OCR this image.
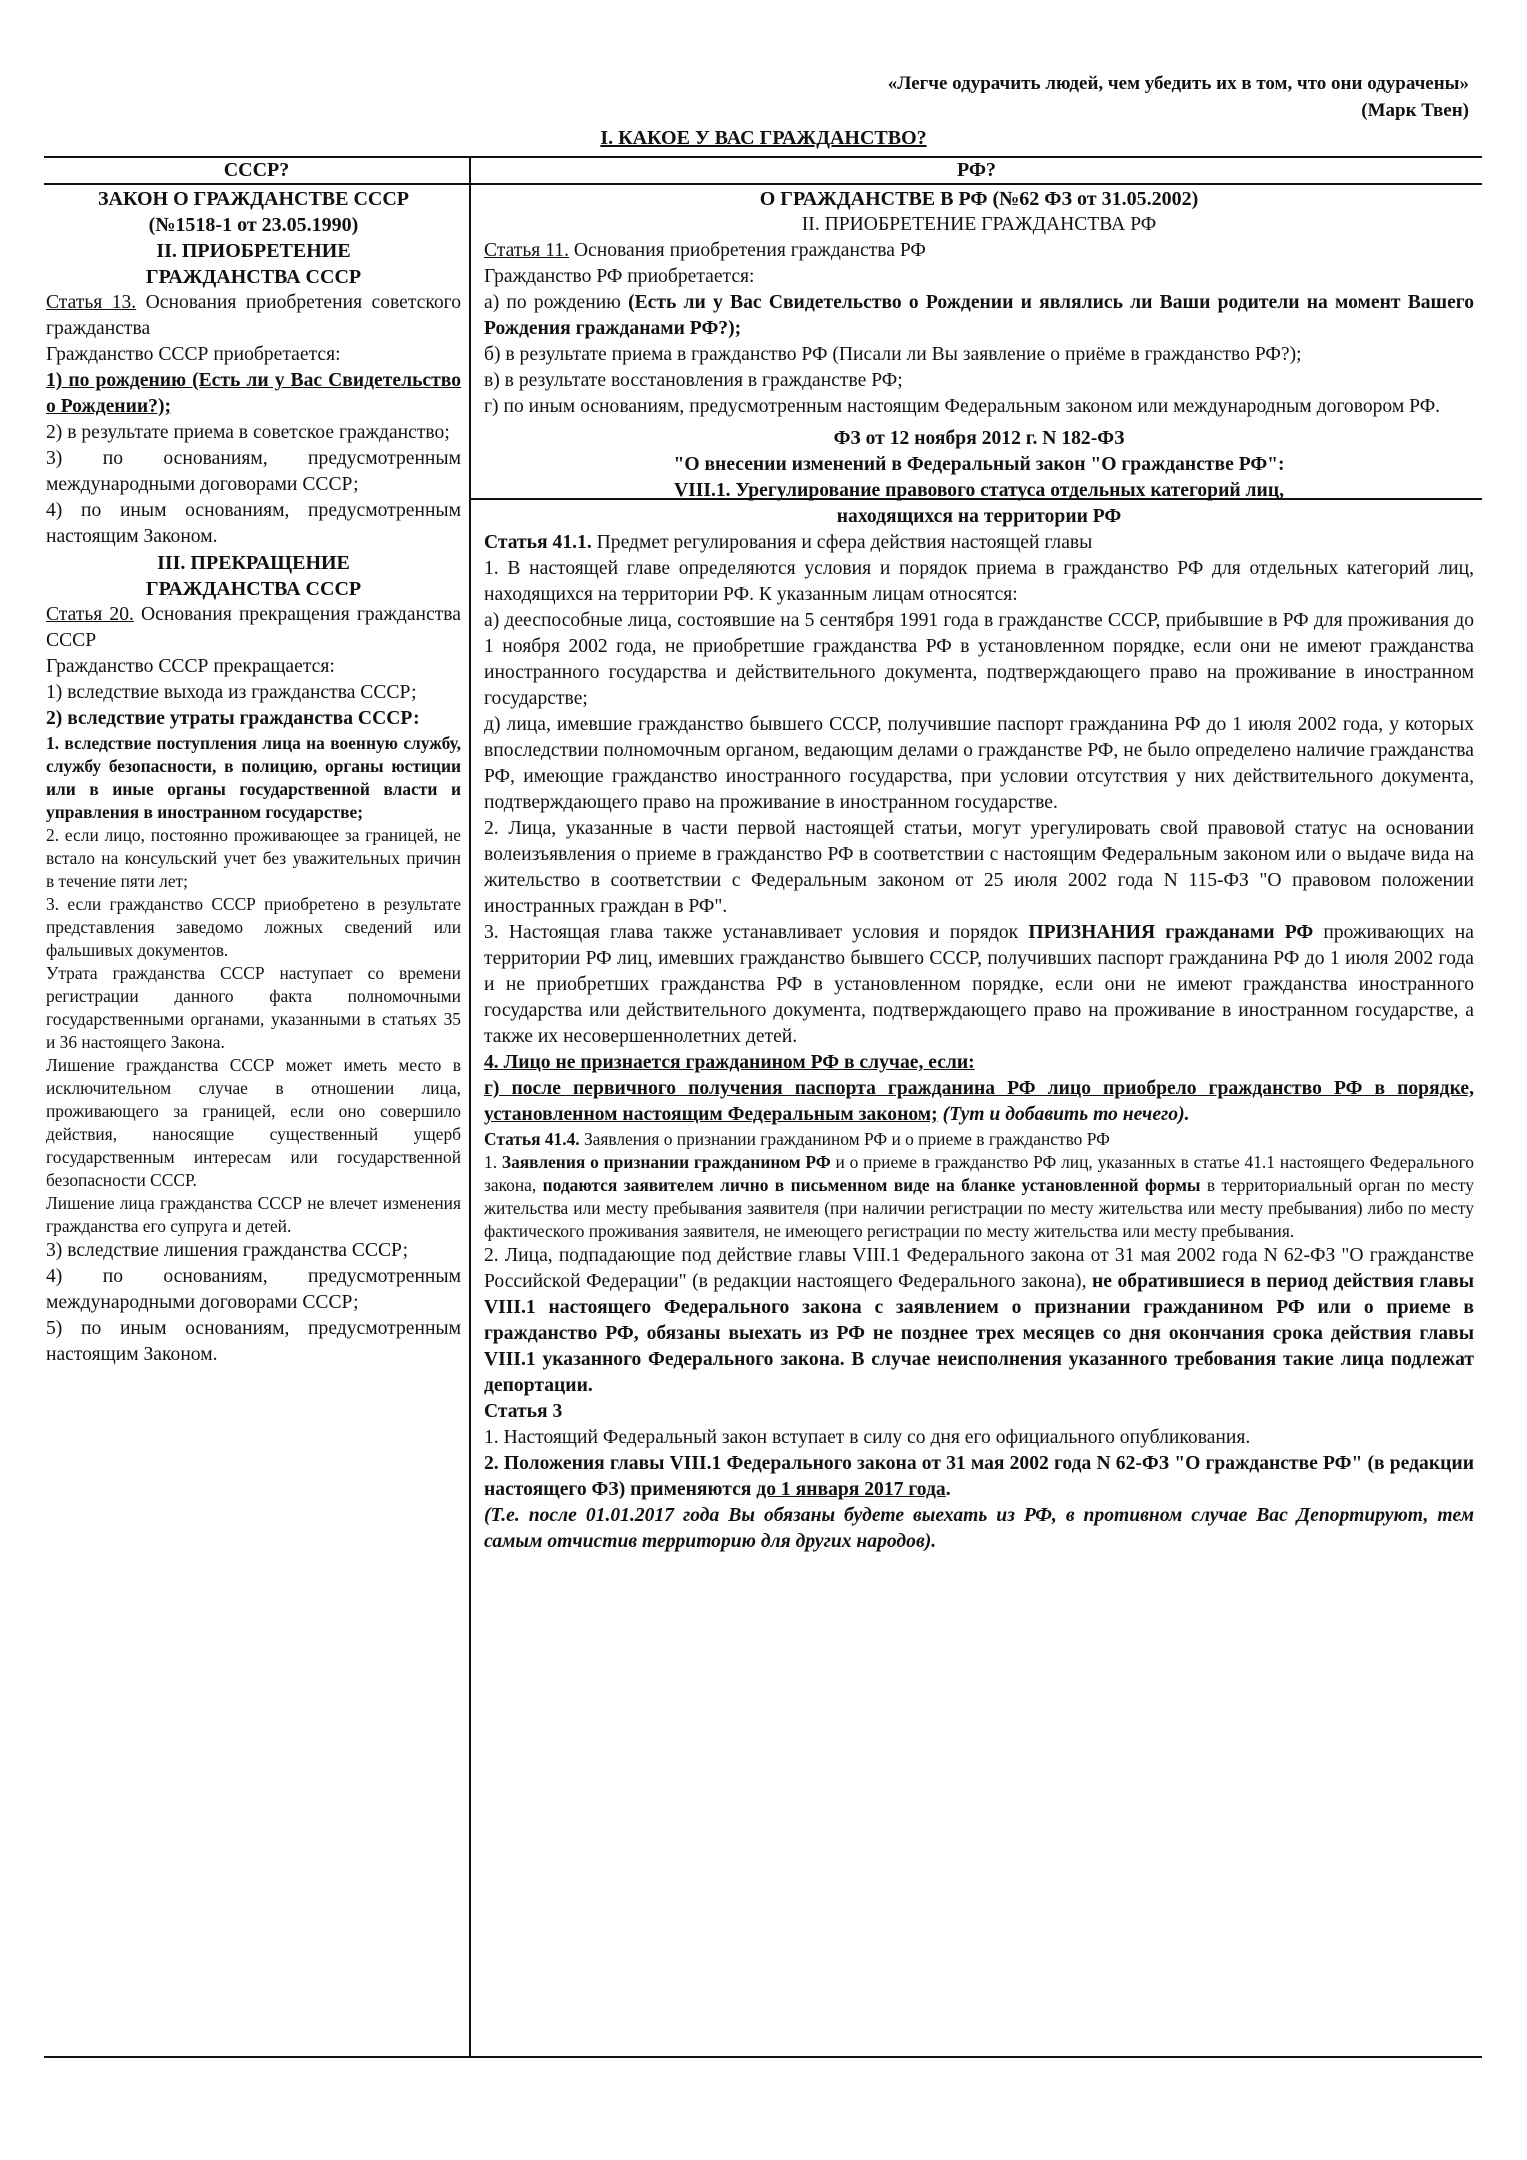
«Легче одурачить людей, чем убедить их в том, что они одурачены»
(Марк Твен)
I. КАКОЕ У ВАС ГРАЖДАНСТВО?
СССР?	РФ?

ЗАКОН О ГРАЖДАНСТВЕ СССР

(№1518-1 от 23.05.1990)

II. ПРИОБРЕТЕНИЕ

ГРАЖДАНСТВА СССР

Статья 13. Основания приобретения советского гражданства

Гражданство СССР приобретается:

1) по рождению (Есть ли у Вас Свидетельство о Рождении?);

2) в результате приема в советское гражданство;

3) по основаниям, предусмотренным международными договорами СССР;

4) по иным основаниям, предусмотренным настоящим Законом.

III. ПРЕКРАЩЕНИЕ

ГРАЖДАНСТВА СССР

Статья 20. Основания прекращения гражданства СССР

Гражданство СССР прекращается:

1) вследствие выхода из гражданства СССР;

2) вследствие утраты гражданства СССР:

1. вследствие поступления лица на военную службу, службу безопасности, в полицию, органы юстиции или в иные органы государственной власти и управления в иностранном государстве;

2. если лицо, постоянно проживающее за границей, не встало на консульский учет без уважительных причин в течение пяти лет;

3. если гражданство СССР приобретено в результате представления заведомо ложных сведений или фальшивых документов.

Утрата гражданства СССР наступает со времени регистрации данного факта полномочными государственными органами, указанными в статьях 35 и 36 настоящего Закона.

Лишение гражданства СССР может иметь место в исключительном случае в отношении лица, проживающего за границей, если оно совершило действия, наносящие существенный ущерб государственным интересам или государственной безопасности СССР.

Лишение лица гражданства СССР не влечет изменения гражданства его супруга и детей.

3) вследствие лишения гражданства СССР;

4) по основаниям, предусмотренным международными договорами СССР;

5) по иным основаниям, предусмотренным настоящим Законом.

О ГРАЖДАНСТВЕ В РФ (№62 ФЗ от 31.05.2002)

II. ПРИОБРЕТЕНИЕ ГРАЖДАНСТВА РФ

Статья 11. Основания приобретения гражданства РФ

Гражданство РФ приобретается:

а) по рождению (Есть ли у Вас Свидетельство о Рождении и являлись ли Ваши родители на момент Вашего Рождения гражданами РФ?);

б) в результате приема в гражданство РФ (Писали ли Вы заявление о приёме в гражданство РФ?);

в) в результате восстановления в гражданстве РФ;

г) по иным основаниям, предусмотренным настоящим Федеральным законом или международным договором РФ.

ФЗ от 12 ноября 2012 г. N 182-ФЗ

"О внесении изменений в Федеральный закон "О гражданстве РФ":

VIII.1. Урегулирование правового статуса отдельных категорий лиц,

находящихся на территории РФ

Статья 41.1. Предмет регулирования и сфера действия настоящей главы

1. В настоящей главе определяются условия и порядок приема в гражданство РФ для отдельных категорий лиц, находящихся на территории РФ. К указанным лицам относятся:

а) дееспособные лица, состоявшие на 5 сентября 1991 года в гражданстве СССР, прибывшие в РФ для проживания до 1 ноября 2002 года, не приобретшие гражданства РФ в установленном порядке, если они не имеют гражданства иностранного государства и действительного документа, подтверждающего право на проживание в иностранном государстве;

д) лица, имевшие гражданство бывшего СССР, получившие паспорт гражданина РФ до 1 июля 2002 года, у которых впоследствии полномочным органом, ведающим делами о гражданстве РФ, не было определено наличие гражданства РФ, имеющие гражданство иностранного государства, при условии отсутствия у них действительного документа, подтверждающего право на проживание в иностранном государстве.

2. Лица, указанные в части первой настоящей статьи, могут урегулировать свой правовой статус на основании волеизъявления о приеме в гражданство РФ в соответствии с настоящим Федеральным законом или о выдаче вида на жительство в соответствии с Федеральным законом от 25 июля 2002 года N 115-ФЗ "О правовом положении иностранных граждан в РФ".

3. Настоящая глава также устанавливает условия и порядок ПРИЗНАНИЯ гражданами РФ проживающих на территории РФ лиц, имевших гражданство бывшего СССР, получивших паспорт гражданина РФ до 1 июля 2002 года и не приобретших гражданства РФ в установленном порядке, если они не имеют гражданства иностранного государства или действительного документа, подтверждающего право на проживание в иностранном государстве, а также их несовершеннолетних детей.

4. Лицо не признается гражданином РФ в случае, если:

г) после первичного получения паспорта гражданина РФ лицо приобрело гражданство РФ в порядке, установленном настоящим Федеральным законом; (Тут и добавить то нечего).

Статья 41.4. Заявления о признании гражданином РФ и о приеме в гражданство РФ

1. Заявления о признании гражданином РФ и о приеме в гражданство РФ лиц, указанных в статье 41.1 настоящего Федерального закона, подаются заявителем лично в письменном виде на бланке установленной формы в территориальный орган по месту жительства или месту пребывания заявителя (при наличии регистрации по месту жительства или месту пребывания) либо по месту фактического проживания заявителя, не имеющего регистрации по месту жительства или месту пребывания.

2. Лица, подпадающие под действие главы VIII.1 Федерального закона от 31 мая 2002 года N 62-ФЗ "О гражданстве Российской Федерации" (в редакции настоящего Федерального закона), не обратившиеся в период действия главы VIII.1 настоящего Федерального закона с заявлением о признании гражданином РФ или о приеме в гражданство РФ, обязаны выехать из РФ не позднее трех месяцев со дня окончания срока действия главы VIII.1 указанного Федерального закона. В случае неисполнения указанного требования такие лица подлежат депортации.

Статья 3

1. Настоящий Федеральный закон вступает в силу со дня его официального опубликования.

2. Положения главы VIII.1 Федерального закона от 31 мая 2002 года N 62-ФЗ "О гражданстве РФ" (в редакции настоящего ФЗ) применяются до 1 января 2017 года.

(Т.е. после 01.01.2017 года Вы обязаны будете выехать из РФ, в противном случае Вас Депортируют, тем самым отчистив территорию для других народов).
